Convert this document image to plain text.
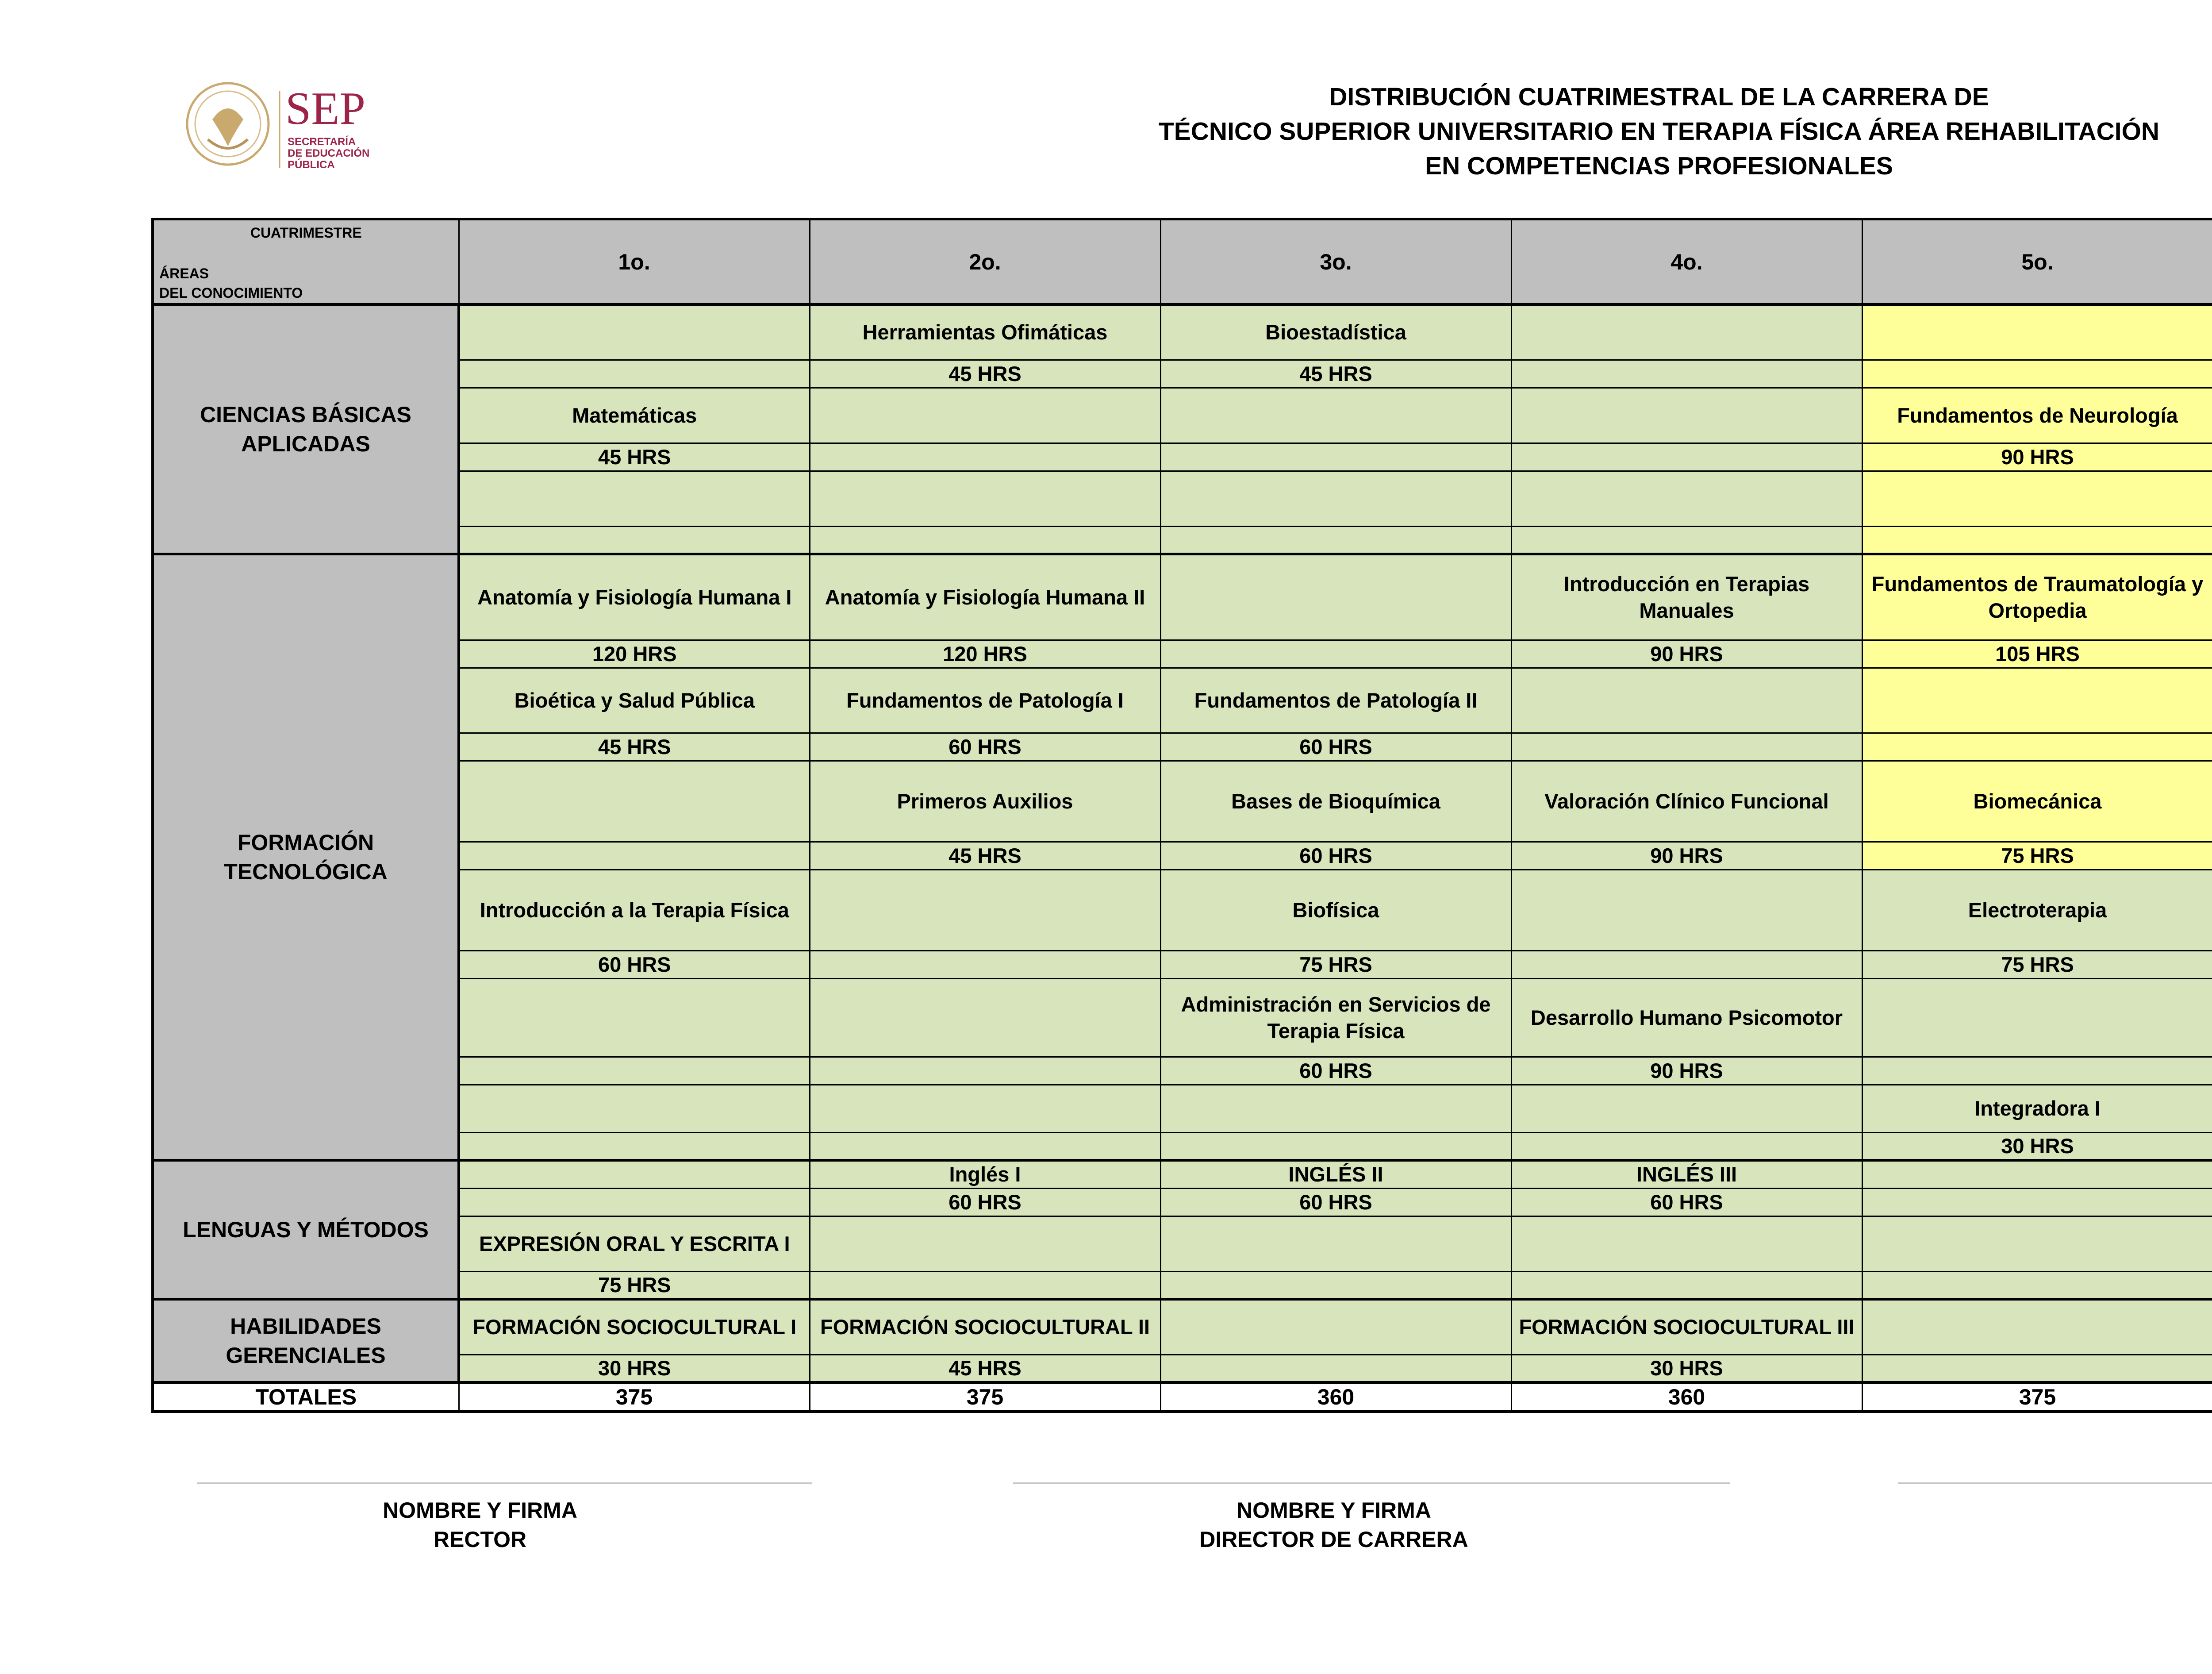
SEP
SECRETARÍA
DE EDUCACIÓN
PÚBLICA
DISTRIBUCIÓN CUATRIMESTRAL DE LA CARRERA DE
TÉCNICO SUPERIOR UNIVERSITARIO EN TERAPIA FÍSICA ÁREA REHABILITACIÓN
EN COMPETENCIAS PROFESIONALES
CUATRIMESTRE
ÁREAS
DEL CONOCIMIENTO	1o.	2o.	3o.	4o.	5o.			
CIENCIAS BÁSICAS APLICADAS		Herramientas Ofimáticas	Bioestadística					
		45 HRS	45 HRS				
	Matemáticas				Fundamentos de Neurología		
	45 HRS				90 HRS		

FORMACIÓN TECNOLÓGICA	Anatomía y Fisiología Humana I	Anatomía y Fisiología Humana II		Introducción en Terapias Manuales	Fundamentos de Traumatología y Ortopedia		
	120 HRS	120 HRS		90 HRS	105 HRS		
	Bioética y Salud Pública	Fundamentos de Patología I	Fundamentos de Patología II				
	45 HRS	60 HRS	60 HRS				
		Primeros Auxilios	Bases de Bioquímica	Valoración Clínico Funcional	Biomecánica			
		45 HRS	60 HRS	90 HRS	75 HRS			
	Introducción a la Terapia Física		Biofísica		Electroterapia		
	60 HRS		75 HRS		75 HRS		
			Administración en Servicios de Terapia Física	Desarrollo Humano Psicomotor				
			60 HRS	90 HRS				
					Integradora I		
					30 HRS		
LENGUAS Y MÉTODOS		Inglés I	INGLÉS II	INGLÉS III			
		60 HRS	60 HRS	60 HRS			
	EXPRESIÓN ORAL Y ESCRITA I						
	75 HRS						
HABILIDADES GERENCIALES	FORMACIÓN SOCIOCULTURAL I	FORMACIÓN SOCIOCULTURAL II		FORMACIÓN SOCIOCULTURAL III			
	30 HRS	45 HRS		30 HRS			
TOTALES	375	375	360	360	375			
NOMBRE Y FIRMA
RECTOR
NOMBRE Y FIRMA
DIRECTOR DE CARRERA
